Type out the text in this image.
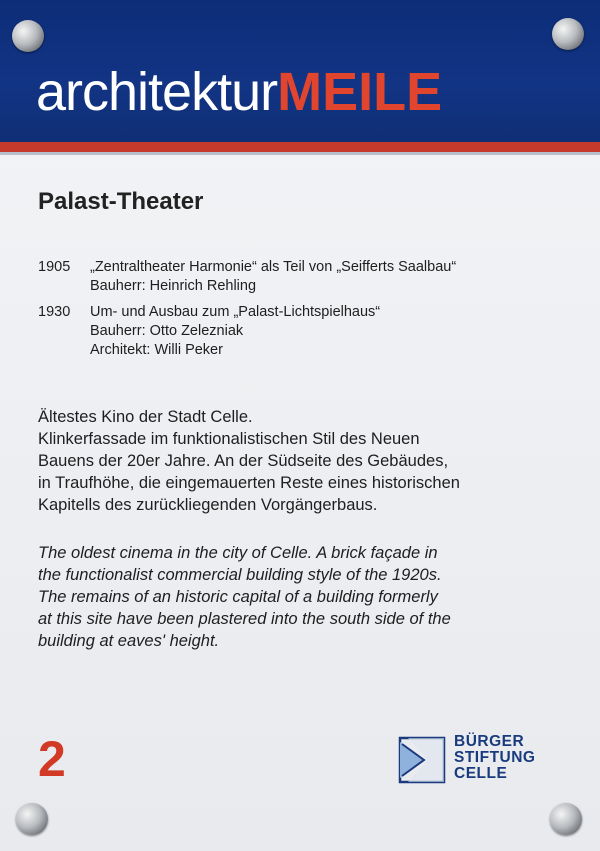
architekturMEILE
Palast-Theater
1905 „Zentraltheater Harmonie“ als Teil von „Seifferts Saalbau“
Bauherr: Heinrich Rehling
1930 Um- und Ausbau zum „Palast-Lichtspielhaus“
Bauherr: Otto Zelezniak
Architekt: Willi Peker

Ältestes Kino der Stadt Celle.

Klinkerfassade im funktionalistischen Stil des Neuen

Bauens der 20er Jahre. An der Südseite des Gebäudes,

in Traufhöhe, die eingemauerten Reste eines historischen

Kapitells des zurückliegenden Vorgängerbaus.

The oldest cinema in the city of Celle. A brick façade in

the functionalist commercial building style of the 1920s.

The remains of an historic capital of a building formerly

at this site have been plastered into the south side of the

building at eaves' height.

2	BÜRGER
STIFTUNG
CELLE
